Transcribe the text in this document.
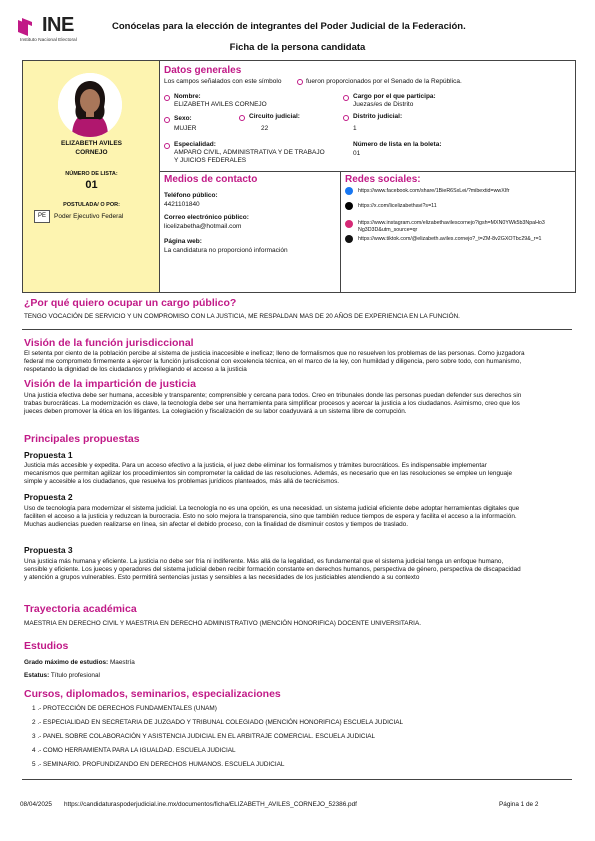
INE
Instituto Nacional Electoral
Conócelas para la elección de integrantes del Poder Judicial de la Federación.
Ficha de la persona candidata
ELIZABETH AVILES
CORNEJO
NÚMERO DE LISTA:
01
POSTULADA/ O POR:
PE	Poder Ejecutivo Federal
Datos generales
Los campos señalados con este símbolo	fueron proporcionados por el Senado de la República.
Nombre:
ELIZABETH AVILES CORNEJO
Cargo por el que participa:
Juezas/es de Distrito
Sexo:
MUJER
Circuito judicial:
22
Distrito judicial:
1
Especialidad:
AMPARO CIVIL, ADMINISTRATIVA Y DE TRABAJO
Y JUICIOS FEDERALES
Número de lista en la boleta:
01
Medios de contacto
Teléfono público:
4421101840
Correo electrónico público:
licelizabetha@hotmail.com
Página web:
La candidatura no proporcionó información
Redes sociales:
https://www.facebook.com/share/1BieR6SxLei/?mibextid=wwXIfr
https://x.com/licelizabethavi?s=11
https://www.instagram.com/elizabethavilescornejo?igsh=MXN0YWk5b3NpaHo3
Ng3D3D&utm_source=qr
https://www.tiktok.com/@elizabeth.aviles.cornejo?_t=ZM-8v2GXOTbc29&_r=1
¿Por qué quiero ocupar un cargo público?
TENGO VOCACIÓN DE SERVICIO Y UN COMPROMISO CON LA JUSTICIA, ME RESPALDAN MAS DE 20 AÑOS DE EXPERIENCIA EN LA FUNCIÓN.
Visión de la función jurisdiccional
El setenta por ciento de la población percibe al sistema de justicia inaccesible e ineficaz; lleno de formalismos que no resuelven los problemas de las personas. Como juzgadora
federal me comprometo firmemente a ejercer la función jurisdiccional con excelencia técnica, en el marco de la ley, con humildad y diligencia, pero sobre todo, con humanismo,
respetando la dignidad de los ciudadanos y privilegiando el acceso a la justicia
Visión de la impartición de justicia
Una justicia efectiva debe ser humana, accesible y transparente; comprensible y cercana para todos. Creo en tribunales donde las personas puedan defender sus derechos sin
trabas burocráticas. La modernización es clave, la tecnología debe ser una herramienta para simplificar procesos y acercar la justicia a los ciudadanos. Asimismo, creo que los
jueces deben promover la ética en los litigantes. La colegiación y fiscalización de su labor coadyuvará a un sistema libre de corrupción.
Principales propuestas
Propuesta 1
Justicia más accesible y expedita. Para un acceso efectivo a la justicia, el juez debe eliminar los formalismos y trámites burocráticos. Es indispensable implementar
mecanismos que permitan agilizar los procedimientos sin comprometer la calidad de las resoluciones. Además, es necesario que en las resoluciones se emplee un lenguaje
simple y accesible a los ciudadanos, que resuelva los problemas jurídicos planteados, más allá de tecnicismos.
Propuesta 2
Uso de tecnología para modernizar el sistema judicial. La tecnología no es una opción, es una necesidad. un sistema judicial eficiente debe adoptar herramientas digitales que
faciliten el acceso a la justicia y reduzcan la burocracia. Esto no solo mejora la transparencia, sino que también reduce tiempos de espera y facilita el acceso a la información.
Muchas audiencias pueden realizarse en línea, sin afectar el debido proceso, con la finalidad de disminuir costos y tiempos de traslado.
Propuesta 3
Una justicia más humana y eficiente. La justicia no debe ser fría ni indiferente. Más allá de la legalidad, es fundamental que el sistema judicial tenga un enfoque humano,
sensible y eficiente. Los jueces y operadores del sistema judicial deben recibir formación constante en derechos humanos, perspectiva de género, perspectiva de discapacidad
y atención a grupos vulnerables. Esto permitirá sentencias justas y sensibles a las necesidades de los justiciables atendiendo a su contexto
Trayectoria académica
MAESTRIA EN DERECHO CIVIL Y MAESTRIA EN DERECHO ADMINISTRATIVO (MENCIÓN HONORIFICA) DOCENTE UNIVERSITARIA.
Estudios
Grado máximo de estudios: Maestría
Estatus: Título profesional
Cursos, diplomados, seminarios, especializaciones
1 .- PROTECCIÓN DE DERECHOS FUNDAMENTALES (UNAM)
2 .- ESPECIALIDAD EN SECRETARIA DE JUZGADO Y TRIBUNAL COLEGIADO (MENCIÓN HONORIFICA) ESCUELA JUDICIAL
3 .- PANEL SOBRE COLABORACIÓN Y ASISTENCIA JUDICIAL EN EL ARBITRAJE COMERCIAL. ESCUELA JUDICIAL
4 .- COMO HERRAMIENTA PARA LA IGUALDAD. ESCUELA JUDICIAL
5 .- SEMINARIO. PROFUNDIZANDO EN DERECHOS HUMANOS. ESCUELA JUDICIAL
08/04/2025 https://candidaturaspoderjudicial.ine.mx/documentos/ficha/ELIZABETH_AVILES_CORNEJO_52386.pdf	Página 1 de 2
